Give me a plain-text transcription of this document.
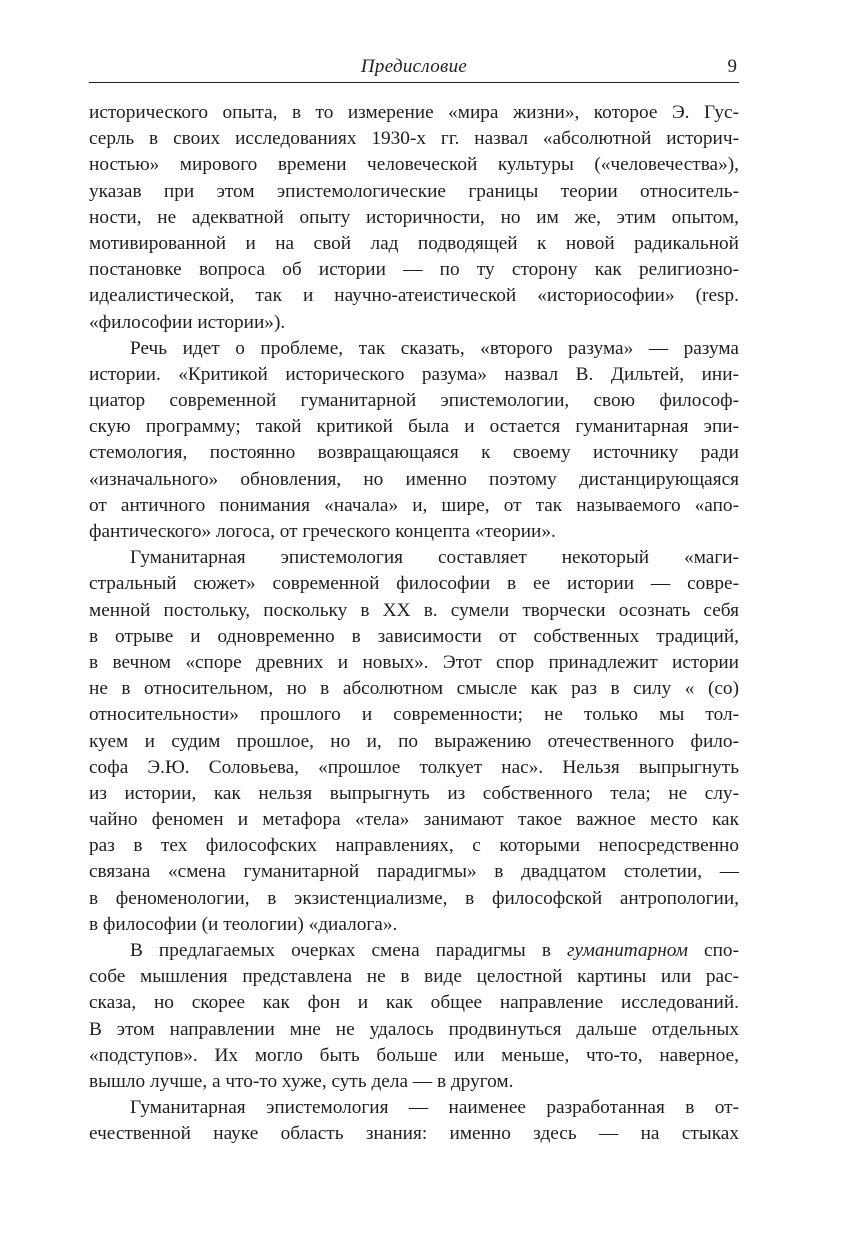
Предисловие	9
исторического опыта, в то измерение «мира жизни», которое Э. Гус-
серль в своих исследованиях 1930-х гг. назвал «абсолютной историч-
ностью» мирового времени человеческой культуры («человечества»),
указав при этом эпистемологические границы теории относитель-
ности, не адекватной опыту историчности, но им же, этим опытом,
мотивированной и на свой лад подводящей к новой радикальной
постановке вопроса об истории — по ту сторону как религиозно-
идеалистической, так и научно-атеистической «историософии» (resp.
«философии истории»).
Речь идет о проблеме, так сказать, «второго разума» — разума
истории. «Критикой исторического разума» назвал В. Дильтей, ини-
циатор современной гуманитарной эпистемологии, свою философ-
скую программу; такой критикой была и остается гуманитарная эпи-
стемология, постоянно возвращающаяся к своему источнику ради
«изначального» обновления, но именно поэтому дистанцирующаяся
от античного понимания «начала» и, шире, от так называемого «апо-
фантического» логоса, от греческого концепта «теории».
Гуманитарная эпистемология составляет некоторый «маги-
стральный сюжет» современной философии в ее истории — совре-
менной постольку, поскольку в XX в. сумели творчески осознать себя
в отрыве и одновременно в зависимости от собственных традиций,
в вечном «споре древних и новых». Этот спор принадлежит истории
не в относительном, но в абсолютном смысле как раз в силу « (со)
относительности» прошлого и современности; не только мы тол-
куем и судим прошлое, но и, по выражению отечественного фило-
софа Э.Ю. Соловьева, «прошлое толкует нас». Нельзя выпрыгнуть
из истории, как нельзя выпрыгнуть из собственного тела; не слу-
чайно феномен и метафора «тела» занимают такое важное место как
раз в тех философских направлениях, с которыми непосредственно
связана «смена гуманитарной парадигмы» в двадцатом столетии, —
в феноменологии, в экзистенциализме, в философской антропологии,
в философии (и теологии) «диалога».
В предлагаемых очерках смена парадигмы в гуманитарном спо-
собе мышления представлена не в виде целостной картины или рас-
сказа, но скорее как фон и как общее направление исследований.
В этом направлении мне не удалось продвинуться дальше отдельных
«подступов». Их могло быть больше или меньше, что-то, наверное,
вышло лучше, а что-то хуже, суть дела — в другом.
Гуманитарная эпистемология — наименее разработанная в от-
ечественной науке область знания: именно здесь — на стыках
